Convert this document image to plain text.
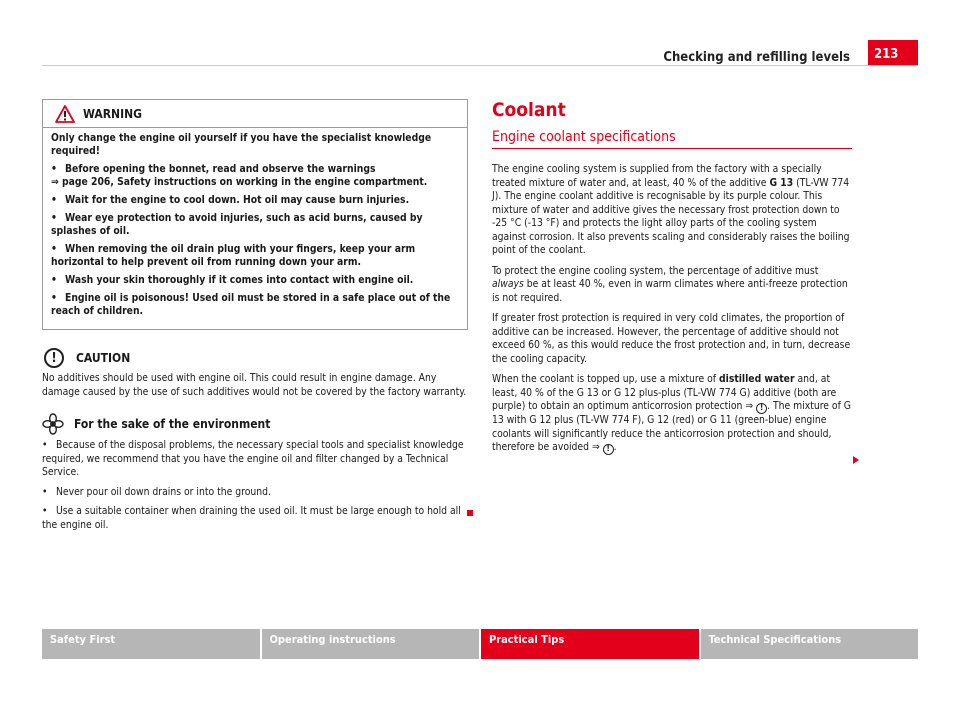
Checking and refilling levels	213
WARNING

Only change the engine oil yourself if you have the specialist knowledge required!

• Before opening the bonnet, read and observe the warnings

⇒ page 206, Safety instructions on working in the engine compartment.

• Wait for the engine to cool down. Hot oil may cause burn injuries.

• Wear eye protection to avoid injuries, such as acid burns, caused by splashes of oil.

• When removing the oil drain plug with your fingers, keep your arm horizontal to help prevent oil from running down your arm.

• Wash your skin thoroughly if it comes into contact with engine oil.

• Engine oil is poisonous! Used oil must be stored in a safe place out of the reach of children.

!	CAUTION

No additives should be used with engine oil. This could result in engine damage. Any damage caused by the use of such additives would not be covered by the factory warranty.

For the sake of the environment
• Because of the disposal problems, the necessary special tools and specialist knowledge required, we recommend that you have the engine oil and filter changed by a Technical Service.
• Never pour oil down drains or into the ground.
• Use a suitable container when draining the used oil. It must be large enough to hold all the engine oil.
Coolant
Engine coolant specifications

The engine cooling system is supplied from the factory with a specially treated mixture of water and, at least, 40 % of the additive G 13 (TL-VW 774 J). The engine coolant additive is recognisable by its purple colour. This mixture of water and additive gives the necessary frost protection down to -25 °C (-13 °F) and protects the light alloy parts of the cooling system against corrosion. It also prevents scaling and considerably raises the boiling point of the coolant.

To protect the engine cooling system, the percentage of additive must always be at least 40 %, even in warm climates where anti-freeze protection is not required.

If greater frost protection is required in very cold climates, the proportion of additive can be increased. However, the percentage of additive should not exceed 60 %, as this would reduce the frost protection and, in turn, decrease the cooling capacity.

When the coolant is topped up, use a mixture of distilled water and, at least, 40 % of the G 13 or G 12 plus-plus (TL-VW 774 G) additive (both are purple) to obtain an optimum anticorrosion protection ⇒ ! . The mixture of G 13 with G 12 plus (TL-VW 774 F), G 12 (red) or G 11 (green-blue) engine coolants will significantly reduce the anticorrosion protection and should, therefore be avoided ⇒ ! .

Safety First	Operating instructions	Practical Tips	Technical Specifications
